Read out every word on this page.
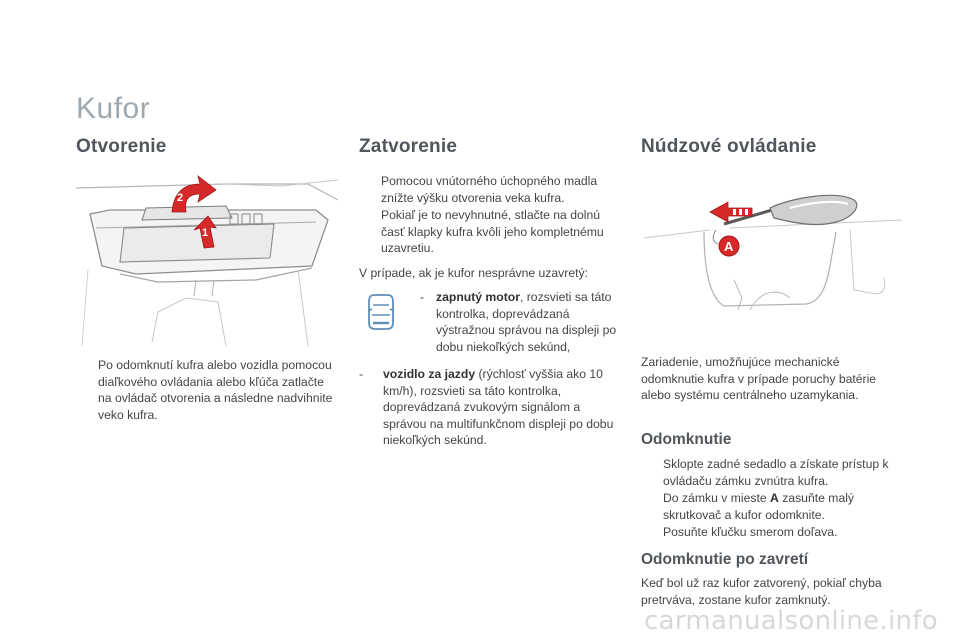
Kufor
Otvorenie
2
1
Po odomknutí kufra alebo vozidla pomocou diaľkového ovládania alebo kľúča zatlačte na ovládač otvorenia a následne nadvihnite veko kufra.
Zatvorenie
Pomocou vnútorného úchopného madla znížte výšku otvorenia veka kufra.
Pokiaľ je to nevyhnutné, stlačte na dolnú časť klapky kufra kvôli jeho kompletnému uzavretiu.
V prípade, ak je kufor nesprávne uzavretý:
- zapnutý motor, rozsvieti sa táto kontrolka, doprevádzaná výstražnou správou na displeji po dobu niekoľkých sekúnd,
- vozidlo za jazdy (rýchlosť vyššia ako 10 km/h), rozsvieti sa táto kontrolka, doprevádzaná zvukovým signálom a správou na multifunkčnom displeji po dobu niekoľkých sekúnd.
Núdzové ovládanie
A
Zariadenie, umožňujúce mechanické odomknutie kufra v prípade poruchy batérie alebo systému centrálneho uzamykania.
Odomknutie
Sklopte zadné sedadlo a získate prístup k ovládaču zámku zvnútra kufra.
Do zámku v mieste A zasuňte malý skrutkovač a kufor odomknite.
Posuňte kľučku smerom doľava.
Odomknutie po zavretí
Keď bol už raz kufor zatvorený, pokiaľ chyba pretrváva, zostane kufor zamknutý.
carmanualsonline.info
